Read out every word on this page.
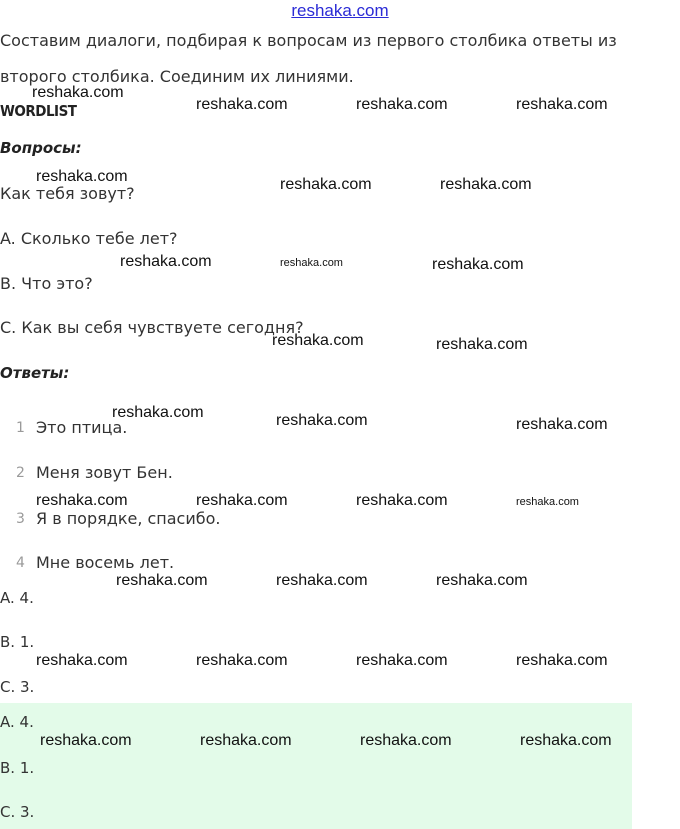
reshaka.com
Составим диалоги, подбирая к вопросам из первого столбика ответы из
второго столбика. Соединим их линиями.
WORDLIST
Вопросы:
Как тебя зовут?
A. Сколько тебе лет?
B. Что это?
C. Как вы себя чувствуете сегодня?
Ответы:
1 Это птица.
2 Меня зовут Бен.
3 Я в порядке, спасибо.
4 Мне восемь лет.
A. 4.
B. 1.
C. 3.
A. 4.
B. 1.
C. 3.
reshaka.com
reshaka.com	reshaka.com	reshaka.com
reshaka.com	reshaka.com	reshaka.com
reshaka.com	reshaka.com	reshaka.com
reshaka.com	reshaka.com
reshaka.com	reshaka.com	reshaka.com
reshaka.com	reshaka.com	reshaka.com	reshaka.com
reshaka.com	reshaka.com	reshaka.com
reshaka.com	reshaka.com	reshaka.com	reshaka.com
reshaka.com	reshaka.com	reshaka.com	reshaka.com
